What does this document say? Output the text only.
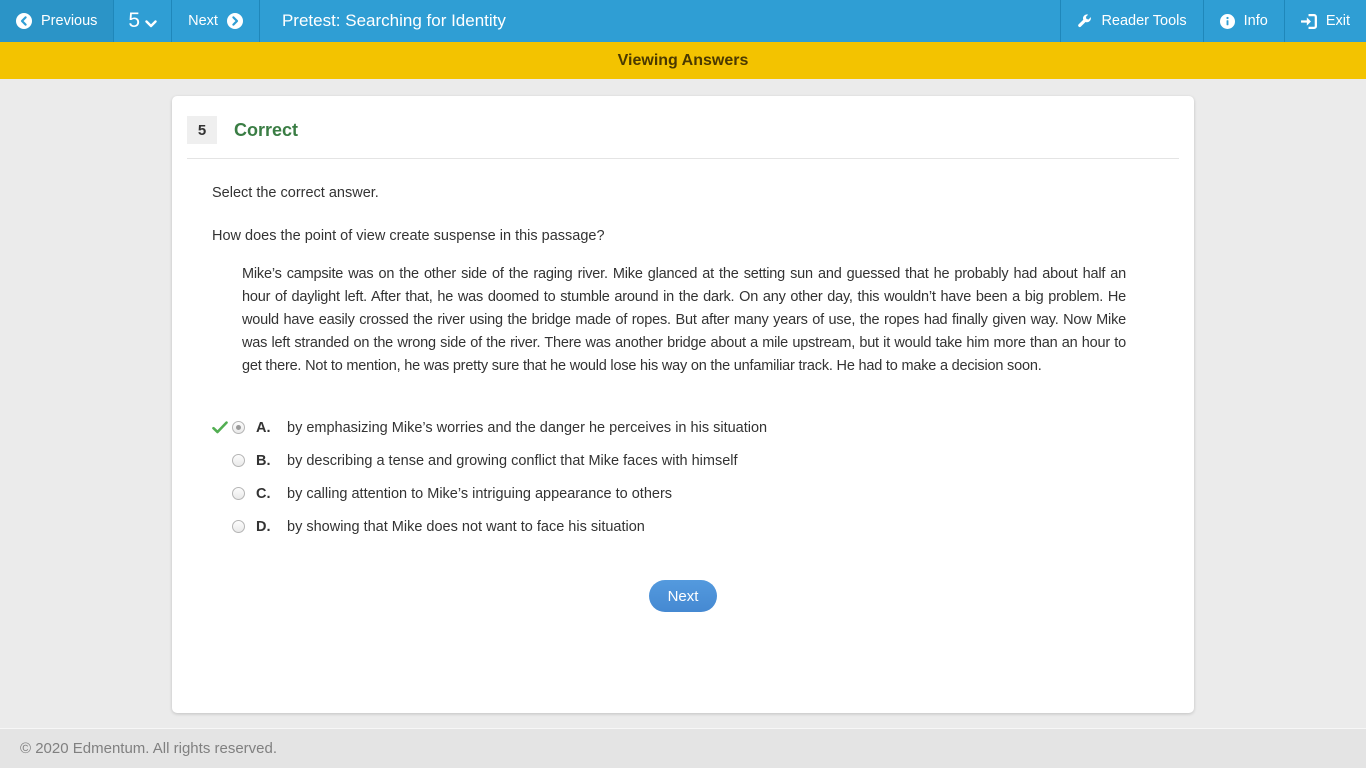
Previous 5	Next	Pretest: Searching for Identity	Reader Tools	Info	Exit
Viewing Answers
5	Correct
Select the correct answer.
How does the point of view create suspense in this passage?
Mike’s campsite was on the other side of the raging river. Mike glanced at the setting sun and guessed that he probably had about half an hour of daylight left. After that, he was doomed to stumble around in the dark. On any other day, this wouldn’t have been a big problem. He would have easily crossed the river using the bridge made of ropes. But after many years of use, the ropes had finally given way. Now Mike was left stranded on the wrong side of the river. There was another bridge about a mile upstream, but it would take him more than an hour to get there. Not to mention, he was pretty sure that he would lose his way on the unfamiliar track. He had to make a decision soon.
A.	by emphasizing Mike’s worries and the danger he perceives in his situation
B.	by describing a tense and growing conflict that Mike faces with himself
C.	by calling attention to Mike’s intriguing appearance to others
D.	by showing that Mike does not want to face his situation
Next
© 2020 Edmentum. All rights reserved.
